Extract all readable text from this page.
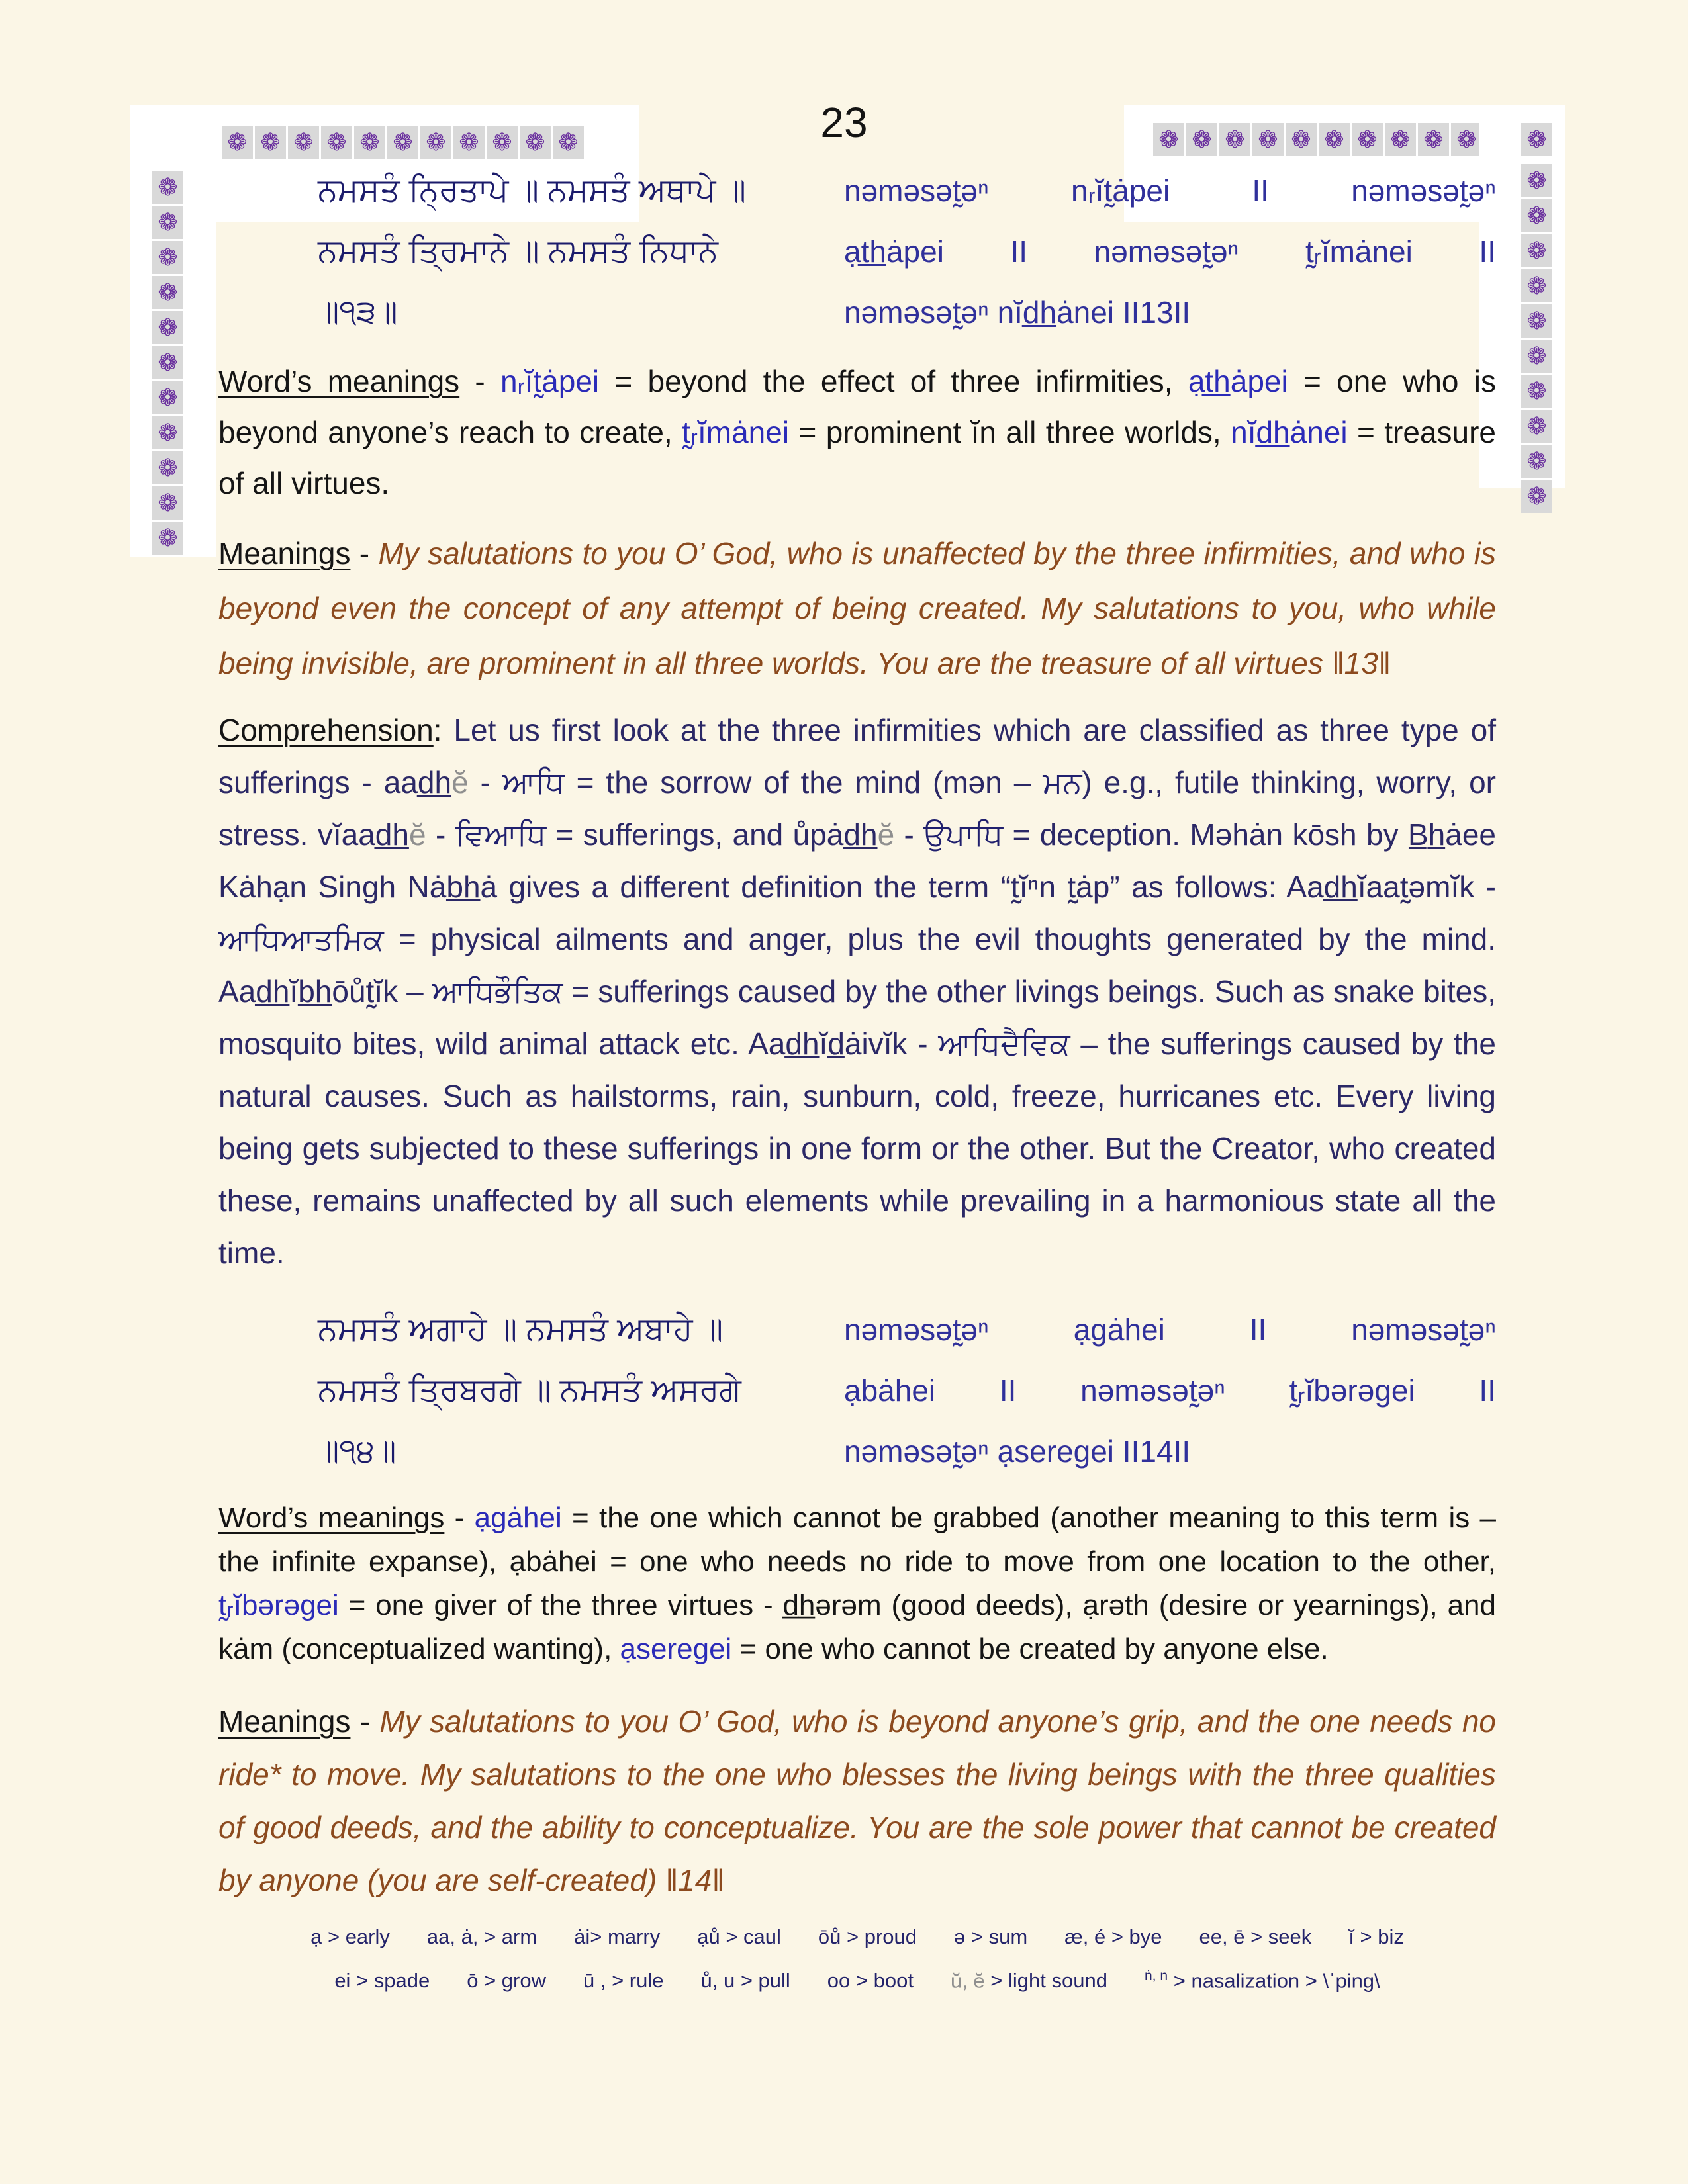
23
❁ ❁ ❁ ❁ ❁ ❁ ❁ ❁ ❁ ❁ ❁
❁
❁
❁
❁
❁
❁
❁
❁
❁
❁
❁
❁ ❁ ❁ ❁ ❁ ❁ ❁ ❁ ❁ ❁
❁
❁
❁
❁
❁
❁
❁
❁
❁
❁
❁
ਨਮਸਤੰ ਨ੍ਰਿਤਾਪੇ ॥ ਨਮਸਤੰ ਅਥਾਪੇ ॥
ਨਮਸਤੰ ਤ੍ਰਿਮਾਨੇ ॥ ਨਮਸਤੰ ਨਿਧਾਨੇ
॥੧੩॥
nəməsət̰əⁿ nᵣĭt̰ȧpei II nəməsət̰əⁿ
ạt̲h̲ȧpei II nəməsət̰əⁿ t̰ᵣĭmȧnei II
nəməsət̰əⁿ nĭd̲h̲ȧnei II13II
Word’s meanings - nᵣĭt̰ȧpei = beyond the effect of three infirmities, ạt̲h̲ȧpei = one who is beyond anyone’s reach to create, t̰ᵣĭmȧnei = prominent ĭn all three worlds, nĭd̲h̲ȧnei = treasure of all virtues.
Meanings - My salutations to you O’ God, who is unaffected by the three infirmities, and who is beyond even the concept of any attempt of being created. My salutations to you, who while being invisible, are prominent in all three worlds. You are the treasure of all virtues ‖13‖
Comprehension: Let us first look at the three infirmities which are classified as three type of sufferings - aad̲h̲ĕ - ਆਧਿ = the sorrow of the mind (mən – ਮਨ) e.g., futile thinking, worry, or stress. vĭaad̲h̲ĕ - ਵਿਆਧਿ = sufferings, and ůpȧd̲h̲ĕ - ਉਪਾਧਿ = deception. Məhȧn kōsh by B̲h̲ȧee Kȧhạn Singh Nȧb̲h̲ȧ gives a different definition the term “t̰ĭⁿn t̰ȧp” as follows: Aad̲h̲ĭaat̰əmĭk - ਆਧਿਆਤਮਿਕ = physical ailments and anger, plus the evil thoughts generated by the mind. Aad̲h̲ĭb̲h̲ōůt̰ĭk – ਆਧਿਭੌਤਿਕ = sufferings caused by the other livings beings. Such as snake bites, mosquito bites, wild animal attack etc. Aad̲h̲ĭd̲ȧivĭk - ਆਧਿਦੈਵਿਕ – the sufferings caused by the natural causes. Such as hailstorms, rain, sunburn, cold, freeze, hurricanes etc. Every living being gets subjected to these sufferings in one form or the other. But the Creator, who created these, remains unaffected by all such elements while prevailing in a harmonious state all the time.
ਨਮਸਤੰ ਅਗਾਹੇ ॥ ਨਮਸਤੰ ਅਬਾਹੇ ॥
ਨਮਸਤੰ ਤ੍ਰਿਬਰਗੇ ॥ ਨਮਸਤੰ ਅਸਰਗੇ
॥੧੪॥
nəməsət̰əⁿ ạgȧhei II nəməsət̰əⁿ
ạbȧhei II nəməsət̰əⁿ t̰ᵣĭbərəgei II
nəməsət̰əⁿ ạseregei II14II
Word’s meanings - ạgȧhei = the one which cannot be grabbed (another meaning to this term is – the infinite expanse), ạbȧhei = one who needs no ride to move from one location to the other, t̰ᵣĭbərəgei = one giver of the three virtues - d̲h̲ərəm (good deeds), ạrəth (desire or yearnings), and kȧm (conceptualized wanting), ạseregei = one who cannot be created by anyone else.
Meanings - My salutations to you O’ God, who is beyond anyone’s grip, and the one needs no ride* to move. My salutations to the one who blesses the living beings with the three qualities of good deeds, and the ability to conceptualize. You are the sole power that cannot be created by anyone (you are self-created) ‖14‖
ạ > early aa, ȧ, > arm ȧi> marry ạů > caul ōů > proud ə > sum æ, é > bye ee, ē > seek ĭ > biz
ei > spade ō > grow ū , > rule ů, u > pull oo > boot ŭ, ĕ > light sound	$^{ṅ, n}$ > nasalization > \ˈping\
